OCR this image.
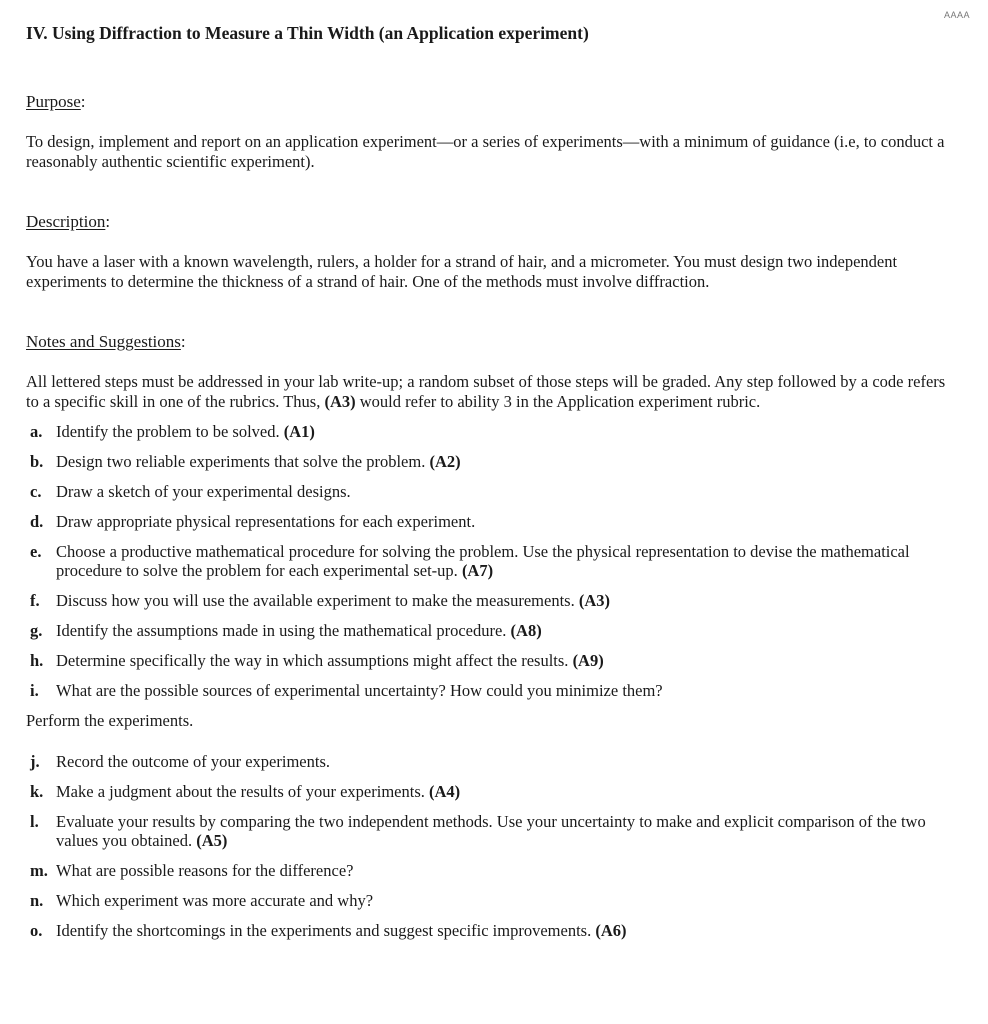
AAAA
IV. Using Diffraction to Measure a Thin Width (an Application experiment)
Purpose:
To design, implement and report on an application experiment—or a series of experiments—with a minimum of guidance (i.e, to conduct a reasonably authentic scientific experiment).
Description:
You have a laser with a known wavelength, rulers, a holder for a strand of hair, and a micrometer. You must design two independent experiments to determine the thickness of a strand of hair. One of the methods must involve diffraction.
Notes and Suggestions:
All lettered steps must be addressed in your lab write-up; a random subset of those steps will be graded. Any step followed by a code refers to a specific skill in one of the rubrics. Thus, (A3) would refer to ability 3 in the Application experiment rubric.
a. Identify the problem to be solved. (A1)
b. Design two reliable experiments that solve the problem. (A2)
c. Draw a sketch of your experimental designs.
d. Draw appropriate physical representations for each experiment.
e. Choose a productive mathematical procedure for solving the problem. Use the physical representation to devise the mathematical procedure to solve the problem for each experimental set-up. (A7)
f. Discuss how you will use the available experiment to make the measurements. (A3)
g. Identify the assumptions made in using the mathematical procedure. (A8)
h. Determine specifically the way in which assumptions might affect the results. (A9)
i. What are the possible sources of experimental uncertainty? How could you minimize them?
Perform the experiments.
j. Record the outcome of your experiments.
k. Make a judgment about the results of your experiments. (A4)
l. Evaluate your results by comparing the two independent methods. Use your uncertainty to make and explicit comparison of the two values you obtained. (A5)
m. What are possible reasons for the difference?
n. Which experiment was more accurate and why?
o. Identify the shortcomings in the experiments and suggest specific improvements. (A6)
